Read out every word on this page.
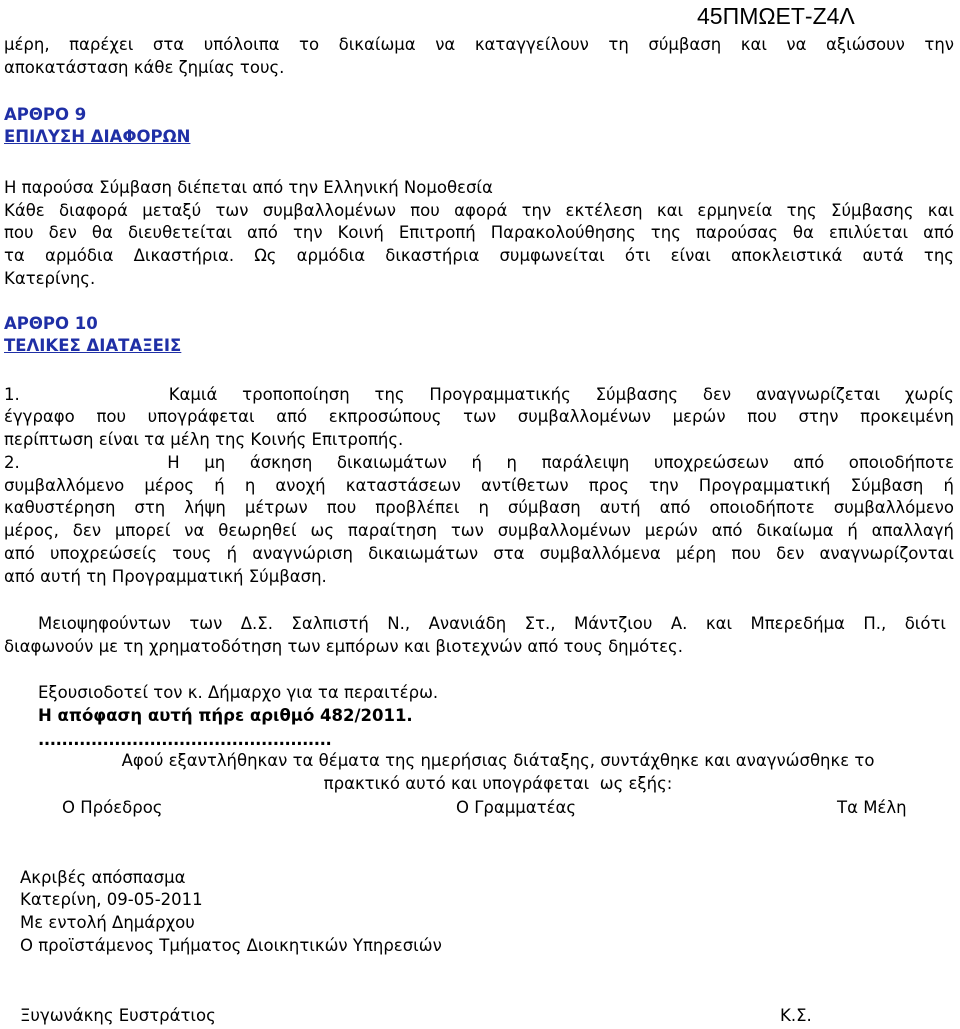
45ΠΜΩΕΤ-Ζ4Λ
μέρη, παρέχει στα υπόλοιπα το δικαίωμα να καταγγείλουν τη σύμβαση και να αξιώσουν την
αποκατάσταση κάθε ζημίας τους.
ΑΡΘΡΟ 9
ΕΠΙΛΥΣΗ ΔΙΑΦΟΡΩΝ
Η παρούσα Σύμβαση διέπεται από την Ελληνική Νομοθεσία
Κάθε διαφορά μεταξύ των συμβαλλομένων που αφορά την εκτέλεση και ερμηνεία της Σύμβασης και
που δεν θα διευθετείται από την Κοινή Επιτροπή Παρακολούθησης της παρούσας θα επιλύεται από
τα αρμόδια Δικαστήρια. Ως αρμόδια δικαστήρια συμφωνείται ότι είναι αποκλειστικά αυτά της
Κατερίνης.
ΑΡΘΡΟ 10
ΤΕΛΙΚΕΣ ΔΙΑΤΑΞΕΙΣ
1.      Καμιά τροποποίηση της Προγραμματικής Σύμβασης δεν αναγνωρίζεται χωρίς
έγγραφο που υπογράφεται από εκπροσώπους των συμβαλλομένων μερών που στην προκειμένη
περίπτωση είναι τα μέλη της Κοινής Επιτροπής.
2.      Η μη άσκηση δικαιωμάτων ή η παράλειψη υποχρεώσεων από οποιοδήποτε
συμβαλλόμενο μέρος ή η ανοχή καταστάσεων αντίθετων προς την Προγραμματική Σύμβαση ή
καθυστέρηση στη λήψη μέτρων που προβλέπει η σύμβαση αυτή από οποιοδήποτε συμβαλλόμενο
μέρος, δεν μπορεί να θεωρηθεί ως παραίτηση των συμβαλλομένων μερών από δικαίωμα ή απαλλαγή
από υποχρεώσείς τους ή αναγνώριση δικαιωμάτων στα συμβαλλόμενα μέρη που δεν αναγνωρίζονται
από αυτή τη Προγραμματική Σύμβαση.
Μειοψηφούντων των Δ.Σ. Σαλπιστή Ν., Ανανιάδη Στ., Μάντζιου Α. και Μπερεδήμα Π., διότι
διαφωνούν με τη χρηματοδότηση των εμπόρων και βιοτεχνών από τους δημότες.
Εξουσιοδοτεί τον κ. Δήμαρχο για τα περαιτέρω.
Η απόφαση αυτή πήρε αριθμό 482/2011.
..................................................
Αφού εξαντλήθηκαν τα θέματα της ημερήσιας διάταξης, συντάχθηκε και αναγνώσθηκε το
πρακτικό αυτό και υπογράφεται  ως εξής:
Ο Πρόεδρος	Ο Γραμματέας	Τα Μέλη
Ακριβές απόσπασμα
Κατερίνη, 09-05-2011
Με εντολή Δημάρχου
Ο προϊστάμενος Τμήματος Διοικητικών Υπηρεσιών
Ξυγωνάκης Ευστράτιος	Κ.Σ.
